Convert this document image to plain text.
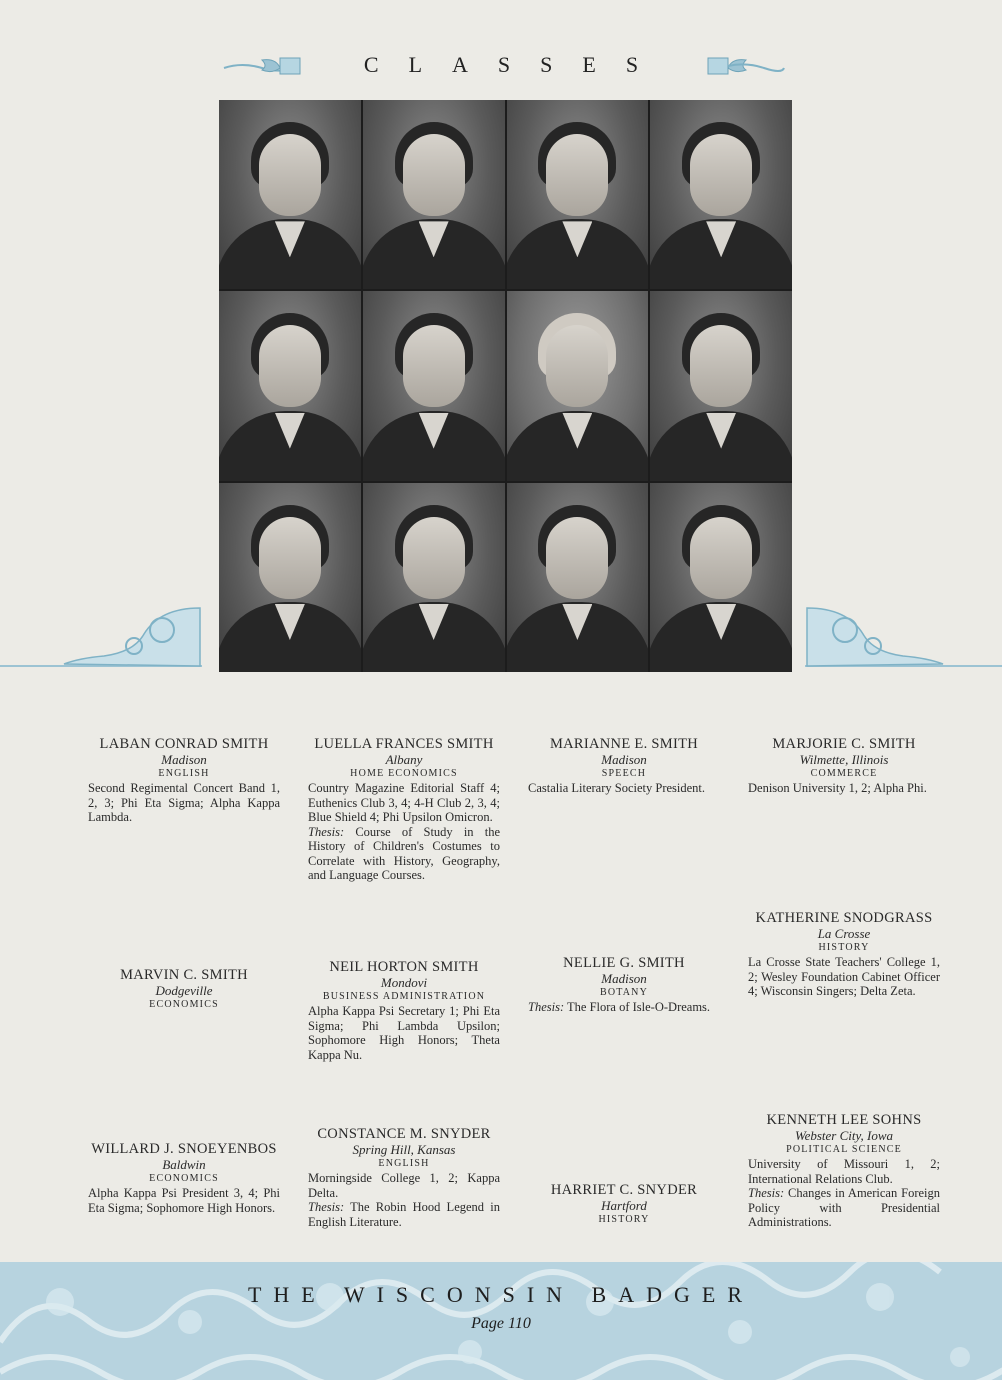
CLASSES
LABAN CONRAD SMITH
Madison
ENGLISH
Second Regimental Concert Band 1, 2, 3; Phi Eta Sigma; Alpha Kappa Lambda.
LUELLA FRANCES SMITH
Albany
HOME ECONOMICS
Country Magazine Editorial Staff 4; Euthenics Club 3, 4; 4-H Club 2, 3, 4; Blue Shield 4; Phi Upsilon Omicron.
Thesis: Course of Study in the History of Children's Costumes to Correlate with History, Geography, and Language Courses.
MARIANNE E. SMITH
Madison
SPEECH
Castalia Literary Society President.
MARJORIE C. SMITH
Wilmette, Illinois
COMMERCE
Denison University 1, 2; Alpha Phi.
MARVIN C. SMITH
Dodgeville
ECONOMICS
NEIL HORTON SMITH
Mondovi
BUSINESS ADMINISTRATION
Alpha Kappa Psi Secretary 1; Phi Eta Sigma; Phi Lambda Upsilon; Sophomore High Honors; Theta Kappa Nu.
NELLIE G. SMITH
Madison
BOTANY
Thesis: The Flora of Isle-O-Dreams.
KATHERINE SNODGRASS
La Crosse
HISTORY
La Crosse State Teachers' College 1, 2; Wesley Foundation Cabinet Officer 4; Wisconsin Singers; Delta Zeta.
WILLARD J. SNOEYENBOS
Baldwin
ECONOMICS
Alpha Kappa Psi President 3, 4; Phi Eta Sigma; Sophomore High Honors.
CONSTANCE M. SNYDER
Spring Hill, Kansas
ENGLISH
Morningside College 1, 2; Kappa Delta.
Thesis: The Robin Hood Legend in English Literature.
HARRIET C. SNYDER
Hartford
HISTORY
KENNETH LEE SOHNS
Webster City, Iowa
POLITICAL SCIENCE
University of Missouri 1, 2; International Relations Club.
Thesis: Changes in American Foreign Policy with Presidential Administrations.
THE WISCONSIN BADGER
Page 110
